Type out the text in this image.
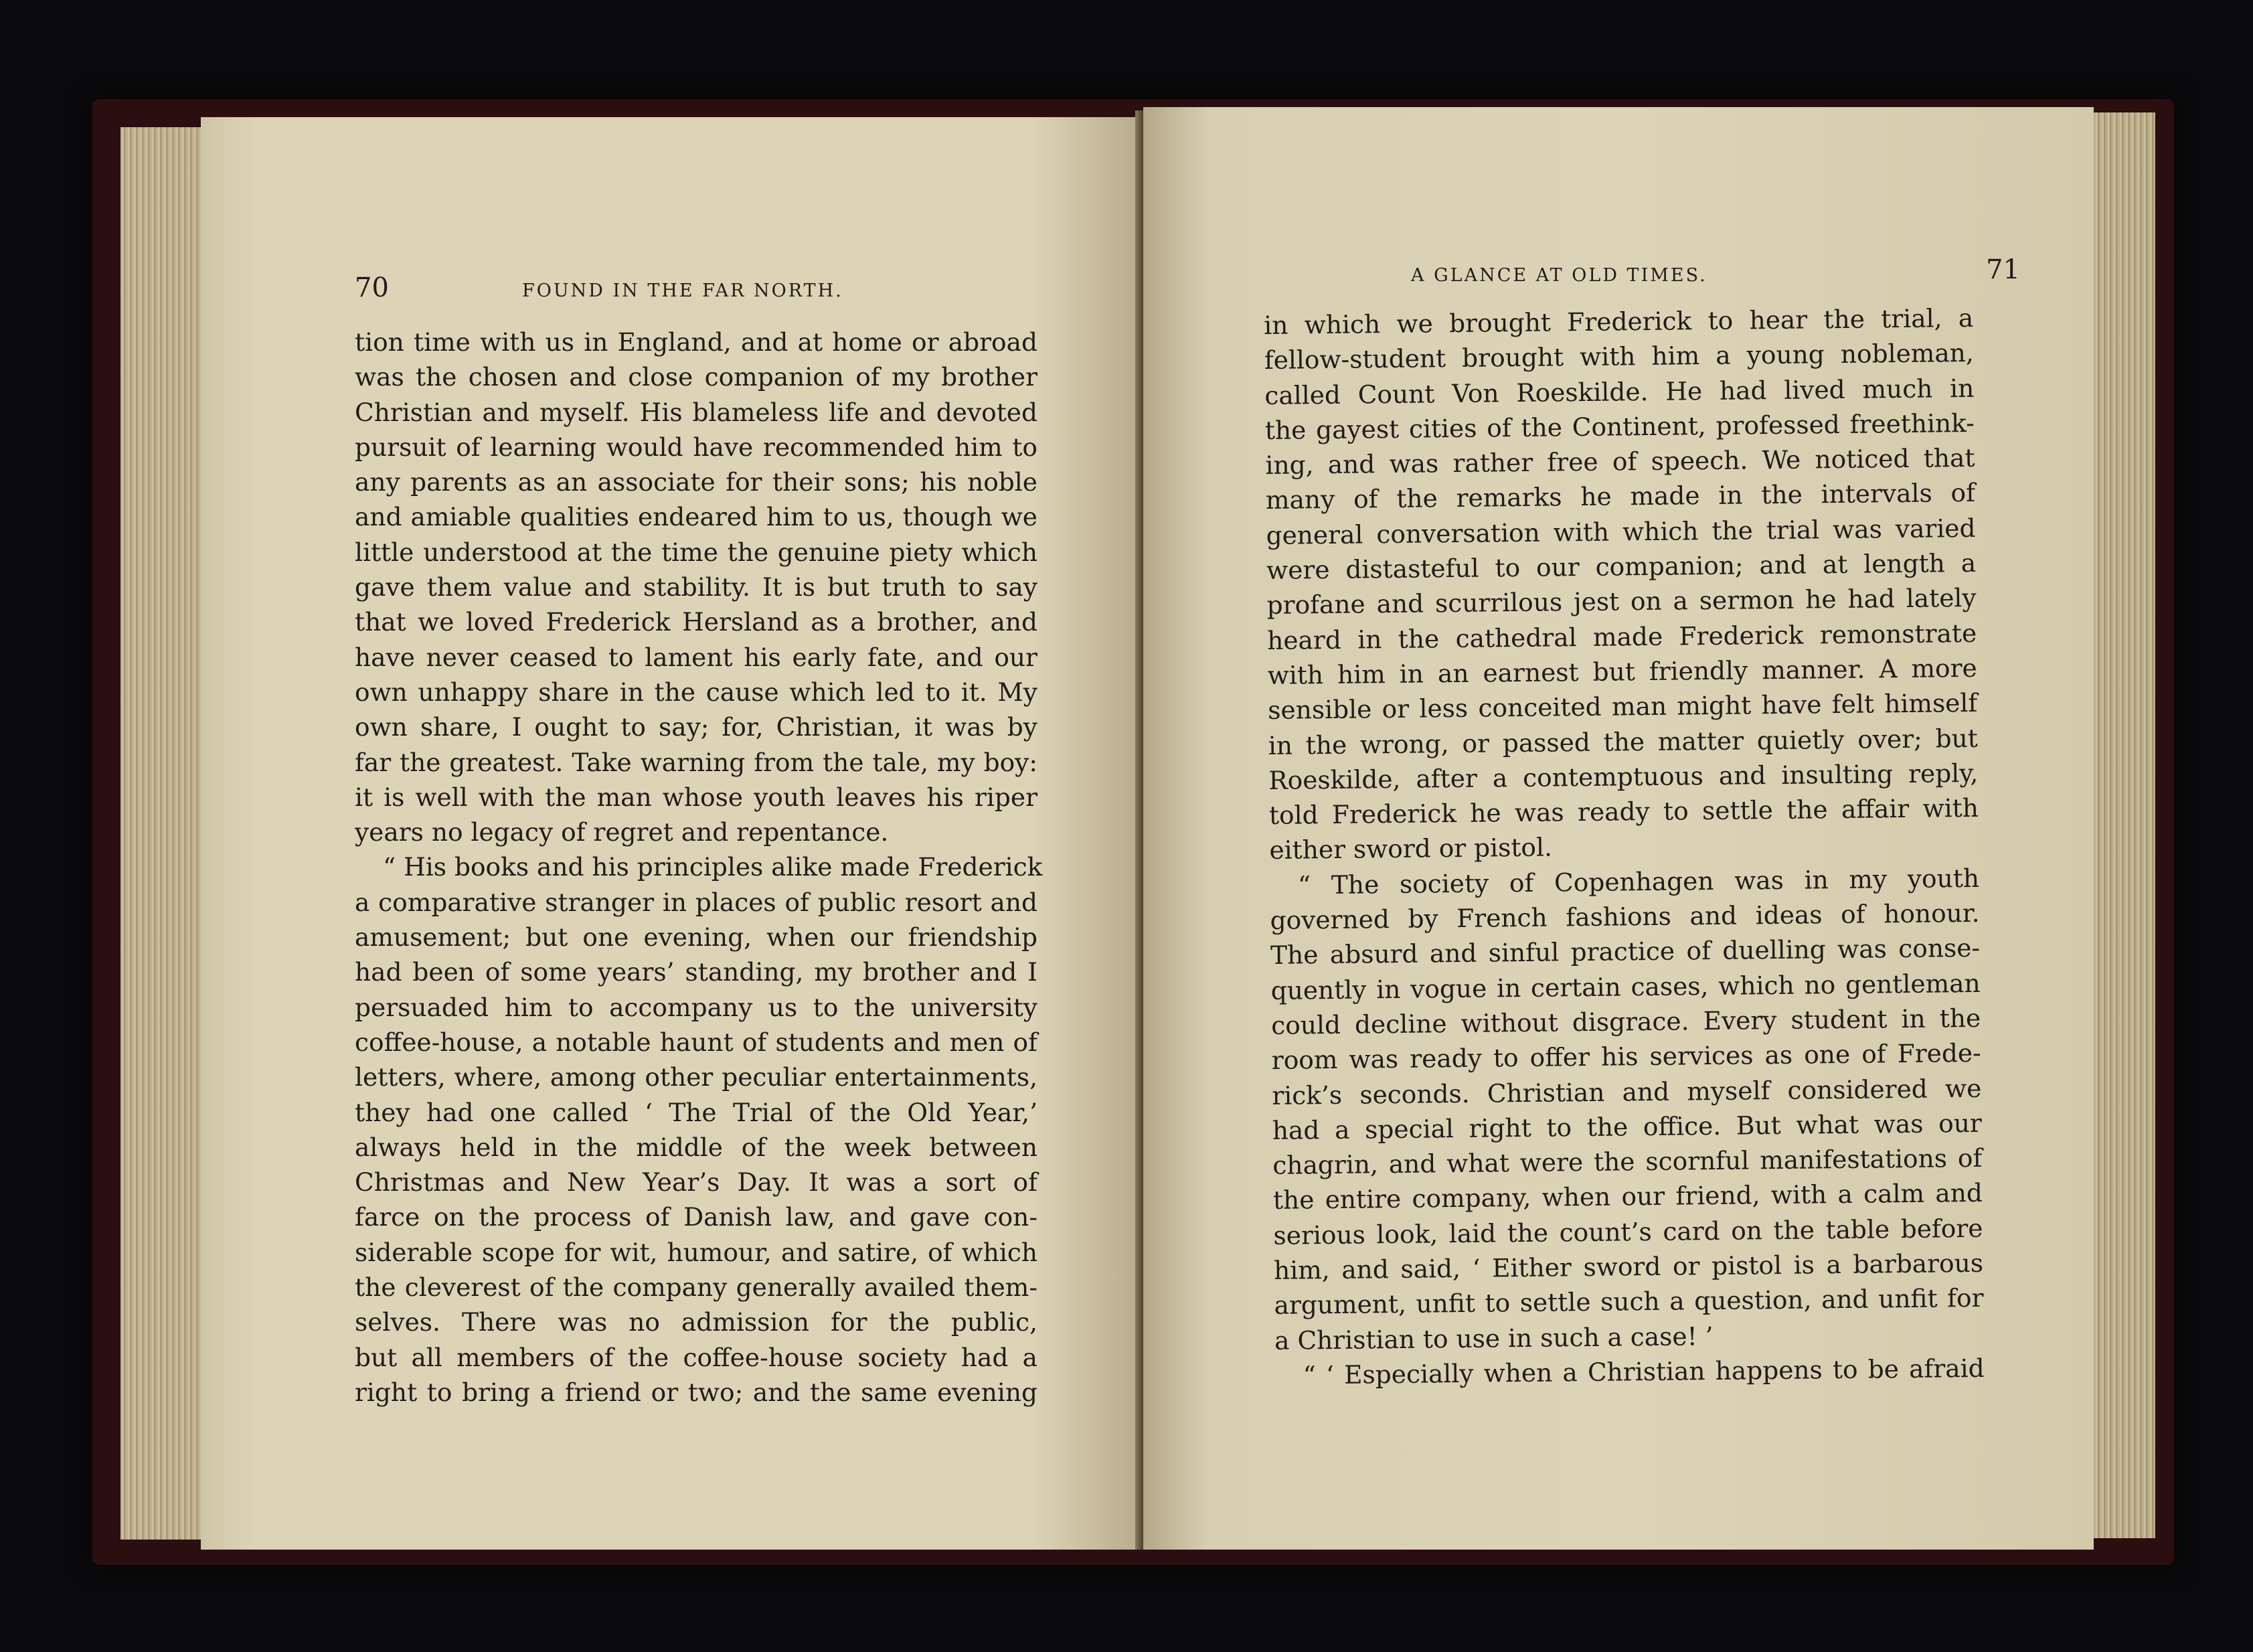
70	FOUND IN THE FAR NORTH.
tion time with us in England, and at home or abroad
was the chosen and close companion of my brother
Christian and myself. His blameless life and devoted
pursuit of learning would have recommended him to
any parents as an associate for their sons; his noble
and amiable qualities endeared him to us, though we
little understood at the time the genuine piety which
gave them value and stability. It is but truth to say
that we loved Frederick Hersland as a brother, and
have never ceased to lament his early fate, and our
own unhappy share in the cause which led to it. My
own share, I ought to say; for, Christian, it was by
far the greatest. Take warning from the tale, my boy:
it is well with the man whose youth leaves his riper
years no legacy of regret and repentance.
“ His books and his principles alike made Frederick
a comparative stranger in places of public resort and
amusement; but one evening, when our friendship
had been of some years’ standing, my brother and I
persuaded him to accompany us to the university
coffee-house, a notable haunt of students and men of
letters, where, among other peculiar entertainments,
they had one called ‘ The Trial of the Old Year,’
always held in the middle of the week between
Christmas and New Year’s Day. It was a sort of
farce on the process of Danish law, and gave con-
siderable scope for wit, humour, and satire, of which
the cleverest of the company generally availed them-
selves. There was no admission for the public,
but all members of the coffee-house society had a
right to bring a friend or two; and the same evening
A GLANCE AT OLD TIMES.	71
in which we brought Frederick to hear the trial, a
fellow-student brought with him a young nobleman,
called Count Von Roeskilde. He had lived much in
the gayest cities of the Continent, professed freethink-
ing, and was rather free of speech. We noticed that
many of the remarks he made in the intervals of
general conversation with which the trial was varied
were distasteful to our companion; and at length a
profane and scurrilous jest on a sermon he had lately
heard in the cathedral made Frederick remonstrate
with him in an earnest but friendly manner. A more
sensible or less conceited man might have felt himself
in the wrong, or passed the matter quietly over; but
Roeskilde, after a contemptuous and insulting reply,
told Frederick he was ready to settle the affair with
either sword or pistol.
“ The society of Copenhagen was in my youth
governed by French fashions and ideas of honour.
The absurd and sinful practice of duelling was conse-
quently in vogue in certain cases, which no gentleman
could decline without disgrace. Every student in the
room was ready to offer his services as one of Frede-
rick’s seconds. Christian and myself considered we
had a special right to the office. But what was our
chagrin, and what were the scornful manifestations of
the entire company, when our friend, with a calm and
serious look, laid the count’s card on the table before
him, and said, ‘ Either sword or pistol is a barbarous
argument, unfit to settle such a question, and unfit for
a Christian to use in such a case! ’
“ ‘ Especially when a Christian happens to be afraid
